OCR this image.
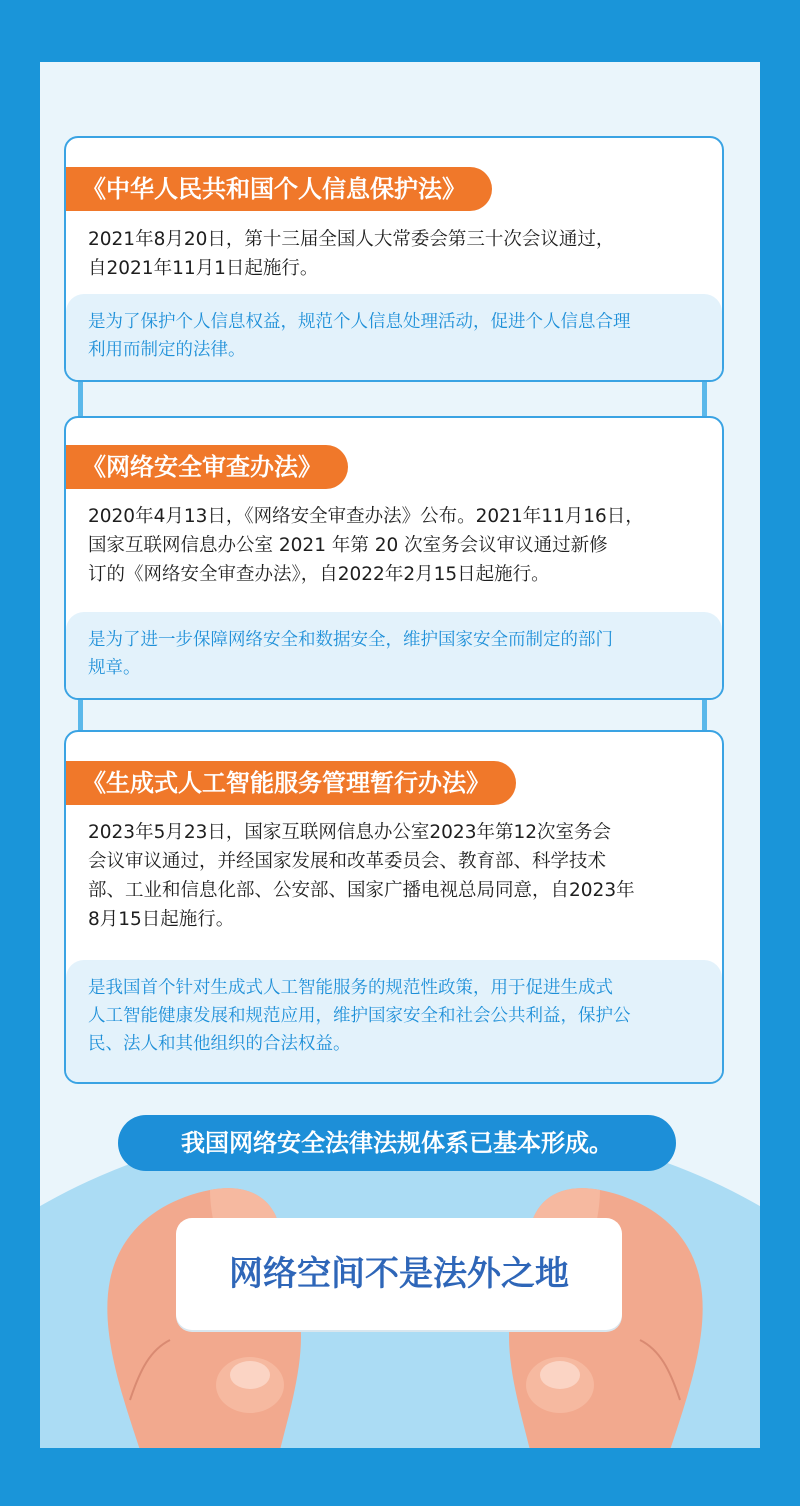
《中华人民共和国个人信息保护法》
2021年8月20日，第十三届全国人大常委会第三十次会议通过，
自2021年11月1日起施行。
是为了保护个人信息权益，规范个人信息处理活动，促进个人信息合理
利用而制定的法律。
《网络安全审查办法》
2020年4月13日，《网络安全审查办法》公布。2021年11月16日，
国家互联网信息办公室 2021 年第 20 次室务会议审议通过新修
订的《网络安全审查办法》，自2022年2月15日起施行。
是为了进一步保障网络安全和数据安全，维护国家安全而制定的部门
规章。
《生成式人工智能服务管理暂行办法》
2023年5月23日，国家互联网信息办公室2023年第12次室务会
会议审议通过，并经国家发展和改革委员会、教育部、科学技术
部、工业和信息化部、公安部、国家广播电视总局同意，自2023年
8月15日起施行。
是我国首个针对生成式人工智能服务的规范性政策，用于促进生成式
人工智能健康发展和规范应用，维护国家安全和社会公共利益，保护公
民、法人和其他组织的合法权益。
我国网络安全法律法规体系已基本形成。
网络空间不是法外之地
